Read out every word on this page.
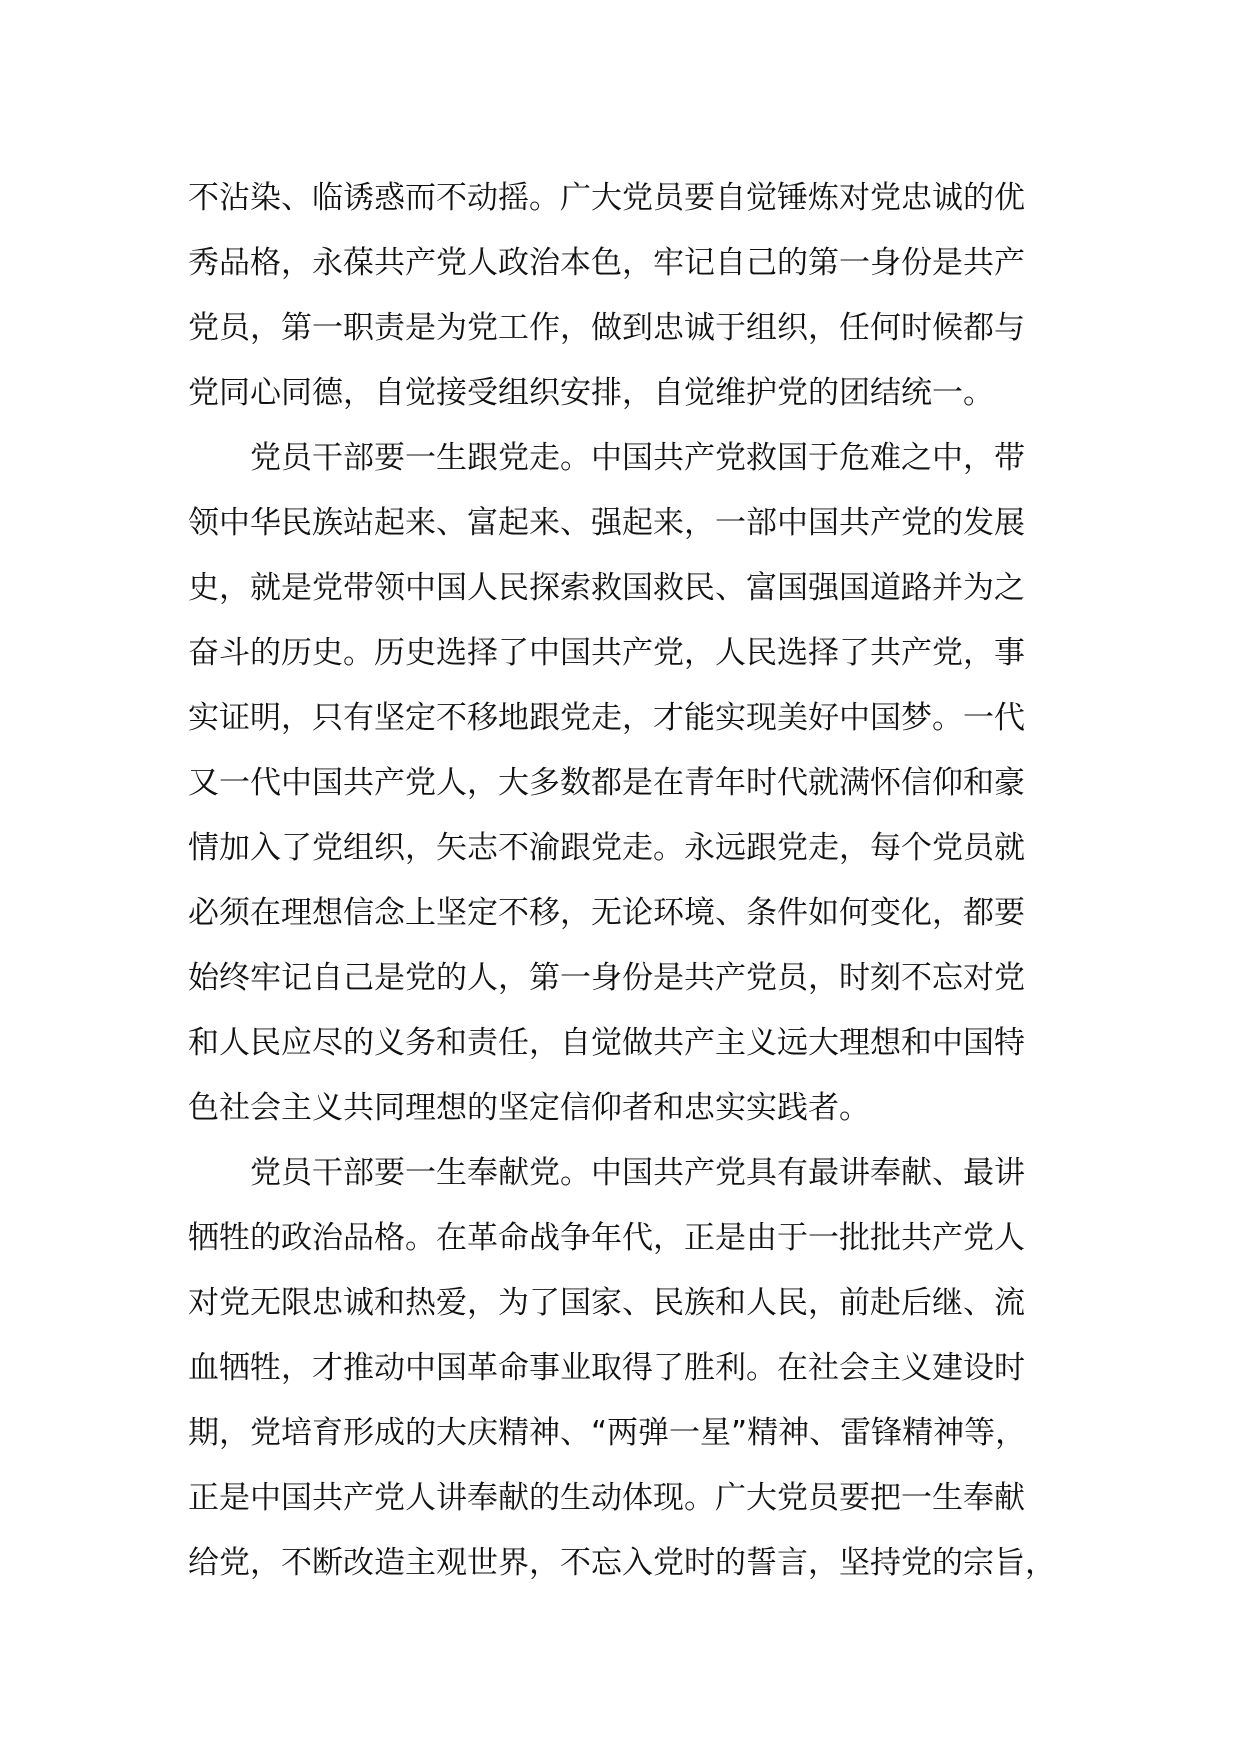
不沾染、临诱惑而不动摇。广大党员要自觉锤炼对党忠诚的优
秀品格，永葆共产党人政治本色，牢记自己的第一身份是共产
党员，第一职责是为党工作，做到忠诚于组织，任何时候都与
党同心同德，自觉接受组织安排，自觉维护党的团结统一。
党员干部要一生跟党走。中国共产党救国于危难之中，带
领中华民族站起来、富起来、强起来，一部中国共产党的发展
史，就是党带领中国人民探索救国救民、富国强国道路并为之
奋斗的历史。历史选择了中国共产党，人民选择了共产党，事
实证明，只有坚定不移地跟党走，才能实现美好中国梦。一代
又一代中国共产党人，大多数都是在青年时代就满怀信仰和豪
情加入了党组织，矢志不渝跟党走。永远跟党走，每个党员就
必须在理想信念上坚定不移，无论环境、条件如何变化，都要
始终牢记自己是党的人，第一身份是共产党员，时刻不忘对党
和人民应尽的义务和责任，自觉做共产主义远大理想和中国特
色社会主义共同理想的坚定信仰者和忠实实践者。
党员干部要一生奉献党。中国共产党具有最讲奉献、最讲
牺牲的政治品格。在革命战争年代，正是由于一批批共产党人
对党无限忠诚和热爱，为了国家、民族和人民，前赴后继、流
血牺牲，才推动中国革命事业取得了胜利。在社会主义建设时
期，党培育形成的大庆精神、“两弹一星”精神、雷锋精神等，
正是中国共产党人讲奉献的生动体现。广大党员要把一生奉献
给党，不断改造主观世界，不忘入党时的誓言，坚持党的宗旨，
